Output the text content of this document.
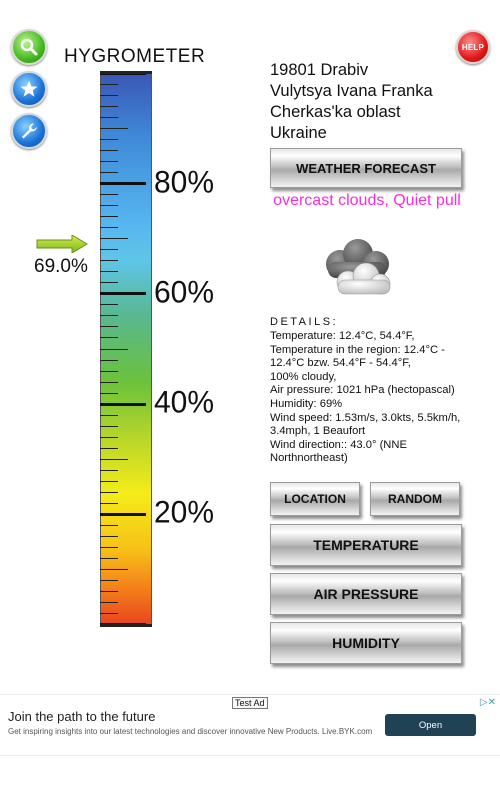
HELP
HYGROMETER
80%
60%
40%
20%
69.0%
19801 Drabiv
Vulytsya Ivana Franka
Cherkas'ka oblast
Ukraine
WEATHER FORECAST
overcast clouds, Quiet pull
DETAILS:
Temperature: 12.4°C, 54.4°F,
Temperature in the region: 12.4°C - 12.4°C bzw. 54.4°F - 54.4°F,
100% cloudy,
Air pressure: 1021 hPa (hectopascal)
Humidity: 69%
Wind speed: 1.53m/s, 3.0kts, 5.5km/h, 3.4mph, 1 Beaufort
Wind direction:: 43.0° (NNE Northnortheast)
LOCATION	RANDOM
TEMPERATURE
AIR PRESSURE
HUMIDITY
Test Ad	▷✕
Join the path to the future
Get inspiring insights into our latest technologies and discover innovative New Products. Live.BYK.com
Open
